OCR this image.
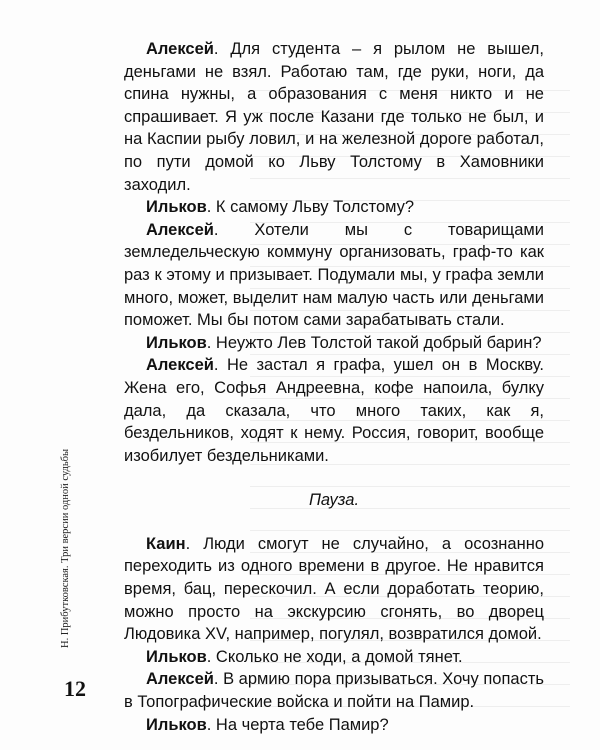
Алексей. Для студента – я рылом не вышел, деньгами не взял. Работаю там, где руки, ноги, да спина нужны, а образования с меня никто и не спрашивает. Я уж после Казани где только не был, и на Каспии рыбу ловил, и на железной дороге работал, по пути домой ко Льву Толстому в Хамовники заходил.

Ильков. К самому Льву Толстому?

Алексей. Хотели мы с товарищами земледельческую коммуну организовать, граф-то как раз к этому и призывает. Подумали мы, у графа земли много, может, выделит нам малую часть или деньгами поможет. Мы бы потом сами зарабатывать стали.

Ильков. Неужто Лев Толстой такой добрый барин?

Алексей. Не застал я графа, ушел он в Москву. Жена его, Софья Андреевна, кофе напоила, булку дала, да сказала, что много таких, как я, бездельников, ходят к нему. Россия, говорит, вообще изобилует бездельниками.

Пауза.

Каин. Люди смогут не случайно, а осознанно переходить из одного времени в другое. Не нравится время, бац, перескочил. А если доработать теорию, можно просто на экскурсию сгонять, во дворец Людовика XV, например, погулял, возвратился домой.

Ильков. Сколько не ходи, а домой тянет.

Алексей. В армию пора призываться. Хочу попасть в Топографические войска и пойти на Памир.

Ильков. На черта тебе Памир?

Н. Прибутковская. Три версии одной судьбы
12
